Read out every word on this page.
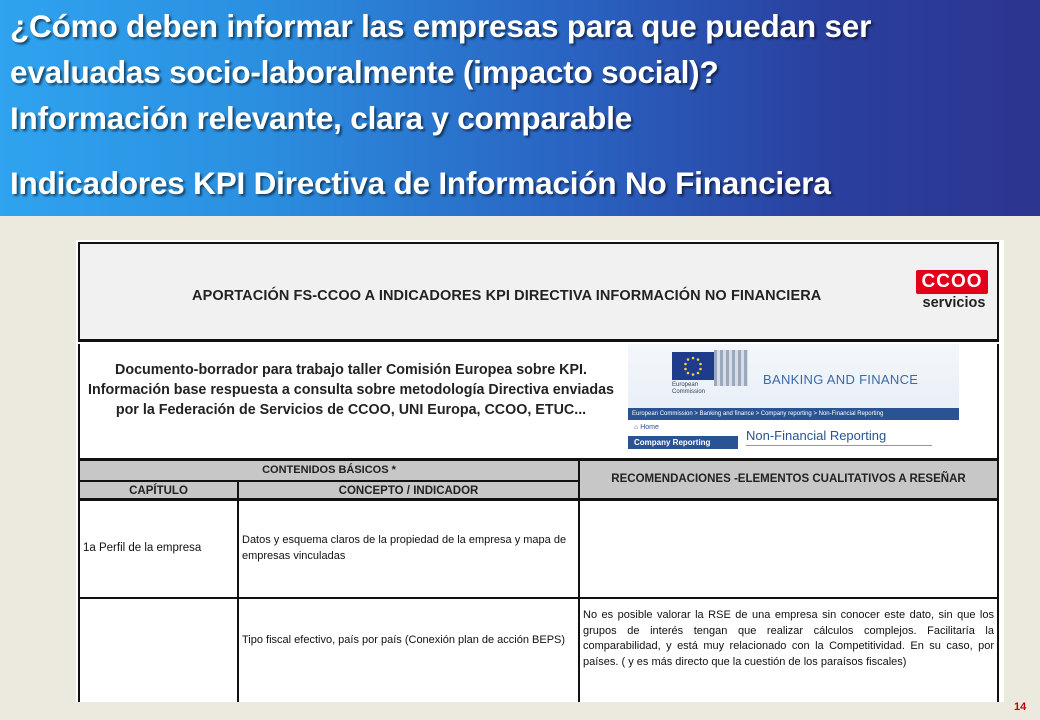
¿Cómo deben informar las empresas para que puedan ser
evaluadas socio-laboralmente (impacto social)?
Información relevante, clara y comparable
Indicadores KPI Directiva de Información No Financiera
APORTACIÓN FS-CCOO A INDICADORES KPI DIRECTIVA INFORMACIÓN NO FINANCIERA
CCOO
servicios
Documento-borrador para trabajo taller Comisión Europea sobre KPI. Información base respuesta a consulta sobre metodología Directiva enviadas por la Federación de Servicios de CCOO, UNI Europa, CCOO, ETUC...
European
Commission
BANKING AND FINANCE
European Commission > Banking and finance > Company reporting > Non-Financial Reporting
⌂ Home
Company Reporting	Non-Financial Reporting
CONTENIDOS BÁSICOS *
CAPÍTULO	CONCEPTO / INDICADOR
RECOMENDACIONES -ELEMENTOS CUALITATIVOS A RESEÑAR
1a Perfil de la empresa
Datos y esquema claros de la propiedad de la empresa y mapa de empresas vinculadas
Tipo fiscal efectivo, país por país (Conexión plan de acción BEPS)
No es posible valorar la RSE de una empresa sin conocer este dato, sin que los grupos de interés tengan que realizar cálculos complejos. Facilitaría la comparabilidad, y está muy relacionado con la Competitividad. En su caso, por países. ( y es más directo que la cuestión de los paraísos fiscales)
14
